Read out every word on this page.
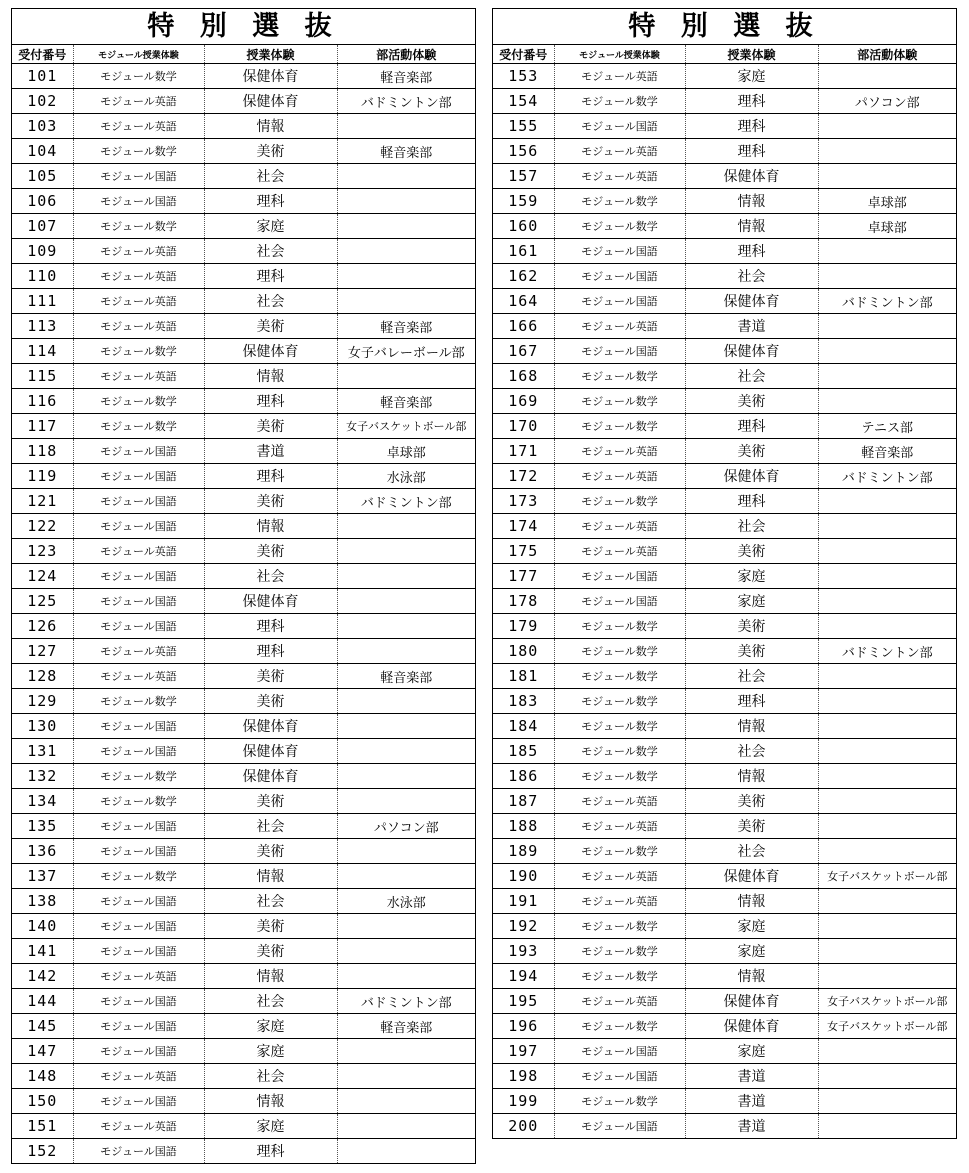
特 別 選 抜
受付番号	モジュール授業体験	授業体験	部活動体験
101	モジュール数学	保健体育	軽音楽部
102	モジュール英語	保健体育	バドミントン部
103	モジュール英語	情報	
104	モジュール数学	美術	軽音楽部
105	モジュール国語	社会	
106	モジュール国語	理科	
107	モジュール数学	家庭	
109	モジュール英語	社会	
110	モジュール英語	理科	
111	モジュール英語	社会	
113	モジュール英語	美術	軽音楽部
114	モジュール数学	保健体育	女子バレーボール部
115	モジュール英語	情報	
116	モジュール数学	理科	軽音楽部
117	モジュール数学	美術	女子バスケットボール部
118	モジュール国語	書道	卓球部
119	モジュール国語	理科	水泳部
121	モジュール国語	美術	バドミントン部
122	モジュール国語	情報	
123	モジュール英語	美術	
124	モジュール国語	社会	
125	モジュール国語	保健体育	
126	モジュール国語	理科	
127	モジュール英語	理科	
128	モジュール英語	美術	軽音楽部
129	モジュール数学	美術	
130	モジュール国語	保健体育	
131	モジュール国語	保健体育	
132	モジュール数学	保健体育	
134	モジュール数学	美術	
135	モジュール国語	社会	パソコン部
136	モジュール国語	美術	
137	モジュール数学	情報	
138	モジュール国語	社会	水泳部
140	モジュール国語	美術	
141	モジュール国語	美術	
142	モジュール英語	情報	
144	モジュール国語	社会	バドミントン部
145	モジュール国語	家庭	軽音楽部
147	モジュール国語	家庭	
148	モジュール英語	社会	
150	モジュール国語	情報	
151	モジュール英語	家庭	
152	モジュール国語	理科	
特 別 選 抜
受付番号	モジュール授業体験	授業体験	部活動体験
153	モジュール英語	家庭	
154	モジュール数学	理科	パソコン部
155	モジュール国語	理科	
156	モジュール英語	理科	
157	モジュール英語	保健体育	
159	モジュール数学	情報	卓球部
160	モジュール数学	情報	卓球部
161	モジュール国語	理科	
162	モジュール国語	社会	
164	モジュール国語	保健体育	バドミントン部
166	モジュール英語	書道	
167	モジュール国語	保健体育	
168	モジュール数学	社会	
169	モジュール数学	美術	
170	モジュール数学	理科	テニス部
171	モジュール英語	美術	軽音楽部
172	モジュール英語	保健体育	バドミントン部
173	モジュール数学	理科	
174	モジュール英語	社会	
175	モジュール英語	美術	
177	モジュール国語	家庭	
178	モジュール国語	家庭	
179	モジュール数学	美術	
180	モジュール数学	美術	バドミントン部
181	モジュール数学	社会	
183	モジュール数学	理科	
184	モジュール数学	情報	
185	モジュール数学	社会	
186	モジュール数学	情報	
187	モジュール英語	美術	
188	モジュール英語	美術	
189	モジュール数学	社会	
190	モジュール英語	保健体育	女子バスケットボール部
191	モジュール英語	情報	
192	モジュール数学	家庭	
193	モジュール数学	家庭	
194	モジュール数学	情報	
195	モジュール英語	保健体育	女子バスケットボール部
196	モジュール数学	保健体育	女子バスケットボール部
197	モジュール国語	家庭	
198	モジュール国語	書道	
199	モジュール数学	書道	
200	モジュール国語	書道	
